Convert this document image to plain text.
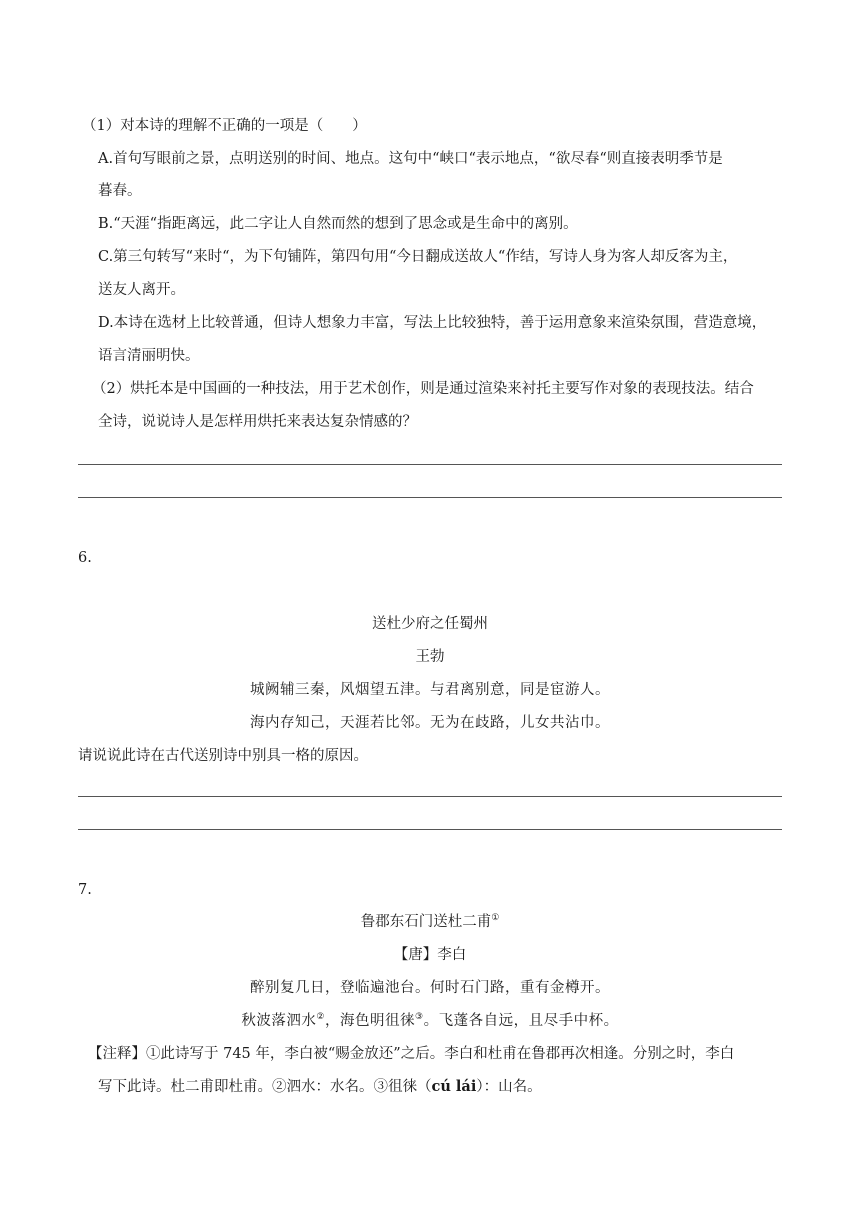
（1）对本诗的理解不正确的一项是（　　）
A.首句写眼前之景，点明送别的时间、地点。这句中“峡口“表示地点，“欲尽春“则直接表明季节是
暮春。
B.“天涯“指距离远，此二字让人自然而然的想到了思念或是生命中的离别。
C.第三句转写“来时“，为下句铺阵，第四句用“今日翻成送故人“作结，写诗人身为客人却反客为主，
送友人离开。
D.本诗在选材上比较普通，但诗人想象力丰富，写法上比较独特，善于运用意象来渲染氛围，营造意境，
语言清丽明快。
（2）烘托本是中国画的一种技法，用于艺术创作，则是通过渲染来衬托主要写作对象的表现技法。结合
全诗，说说诗人是怎样用烘托来表达复杂情感的？
6.
送杜少府之任蜀州
王勃
城阙辅三秦，风烟望五津。与君离别意，同是宦游人。
海内存知己，天涯若比邻。无为在歧路，儿女共沾巾。
请说说此诗在古代送别诗中别具一格的原因。
7.
鲁郡东石门送杜二甫①
【唐】李白
醉别复几日，登临遍池台。何时石门路，重有金樽开。
秋波落泗水②，海色明徂徕③。飞蓬各自远，且尽手中杯。
【注释】①此诗写于 745 年，李白被“赐金放还”之后。李白和杜甫在鲁郡再次相逢。分别之时，李白
写下此诗。杜二甫即杜甫。②泗水：水名。③徂徕（cú lái）：山名。
